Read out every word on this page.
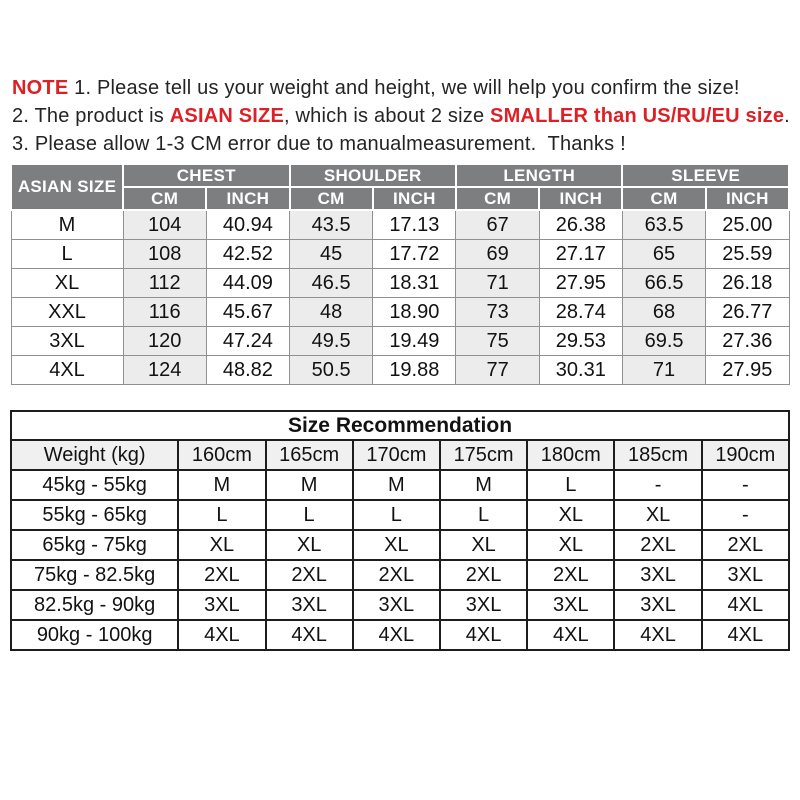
NOTE 1. Please tell us your weight and height, we will help you confirm the size!

2. The product is ASIAN SIZE, which is about 2 size SMALLER than US/RU/EU size.

3. Please allow 1-3 CM error due to manualmeasurement.  Thanks !

ASIAN SIZE	CHEST		SHOULDER		LENGTH		SLEEVE	
	CM	INCH	CM	INCH	CM	INCH	CM	INCH
M	104	40.94	43.5	17.13	67	26.38	63.5	25.00
L	108	42.52	45	17.72	69	27.17	65	25.59
XL	112	44.09	46.5	18.31	71	27.95	66.5	26.18
XXL	116	45.67	48	18.90	73	28.74	68	26.77
3XL	120	47.24	49.5	19.49	75	29.53	69.5	27.36
4XL	124	48.82	50.5	19.88	77	30.31	71	27.95
Size Recommendation							
Weight (kg)	160cm	165cm	170cm	175cm	180cm	185cm	190cm
45kg - 55kg	M	M	M	M	L	-	-
55kg - 65kg	L	L	L	L	XL	XL	-
65kg - 75kg	XL	XL	XL	XL	XL	2XL	2XL
75kg - 82.5kg	2XL	2XL	2XL	2XL	2XL	3XL	3XL
82.5kg - 90kg	3XL	3XL	3XL	3XL	3XL	3XL	4XL
90kg - 100kg	4XL	4XL	4XL	4XL	4XL	4XL	4XL
